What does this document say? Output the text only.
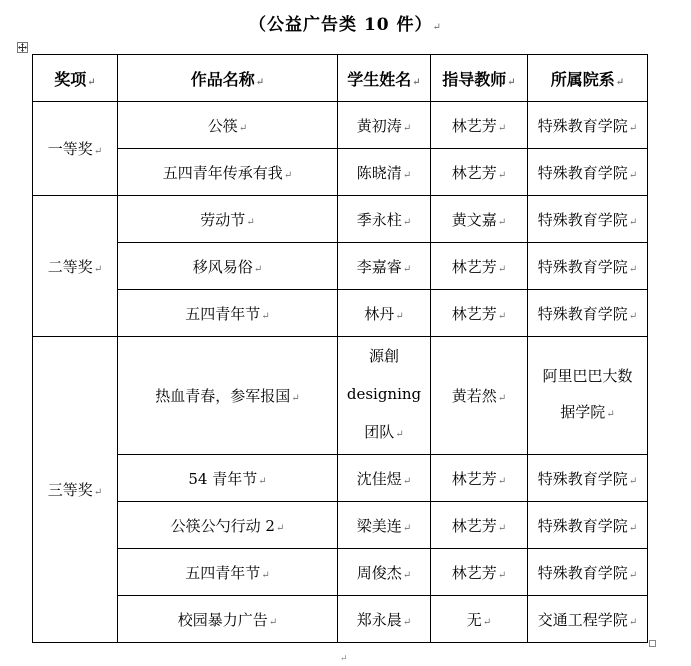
（公益广告类 10 件）↵
奖项↵	作品名称↵	学生姓名↵	指导教师↵	所属院系↵
一等奖↵	公筷↵	黄初涛↵	林艺芳↵	特殊教育学院↵
	五四青年传承有我↵	陈晓清↵	林艺芳↵	特殊教育学院↵
二等奖↵	劳动节↵	季永柱↵	黄文嘉↵	特殊教育学院↵
	移风易俗↵	李嘉睿↵	林艺芳↵	特殊教育学院↵
	五四青年节↵	林丹↵	林艺芳↵	特殊教育学院↵
三等奖↵	热血青春，参军报国↵	源創
designing
团队↵	黄若然↵	阿里巴巴大数
据学院↵
	54 青年节↵	沈佳煜↵	林艺芳↵	特殊教育学院↵
	公筷公勺行动 2↵	梁美连↵	林艺芳↵	特殊教育学院↵
	五四青年节↵	周俊杰↵	林艺芳↵	特殊教育学院↵
	校园暴力广告↵	郑永晨↵	无↵	交通工程学院↵
↵
